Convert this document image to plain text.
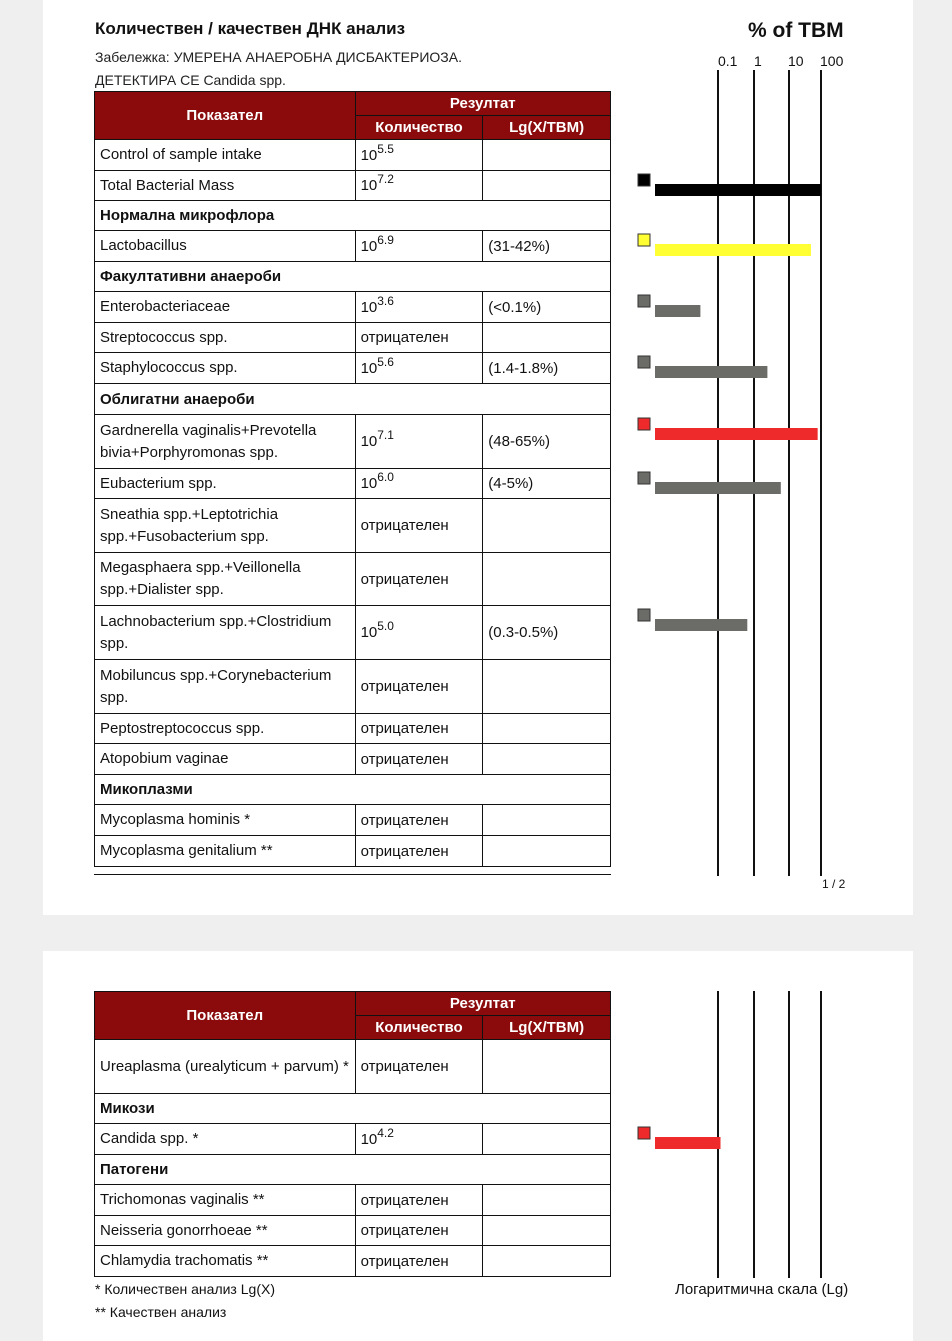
Количествен / качествен ДНК анализ
Забележка: УМЕРЕНА АНАЕРОБНА ДИСБАКТЕРИОЗА.
ДЕТЕКТИРА СЕ Candida spp.
% of TBM
0.1 1 10 100
Показател	Резултат	
	Количество	Lg(X/TBM)
Control of sample intake	$10^{5.5}$	
Total Bacterial Mass	$10^{7.2}$	
Нормална микрофлора		
Lactobacillus	$10^{6.9}$	(31-42%)
Факултативни анаероби		
Enterobacteriaceae	$10^{3.6}$	(<0.1%)
Streptococcus spp.	отрицателен	
Staphylococcus spp.	$10^{5.6}$	(1.4-1.8%)
Облигатни анаероби		
Gardnerella vaginalis+Prevotella bivia+Porphyromonas spp.	$10^{7.1}$	(48-65%)
Eubacterium spp.	$10^{6.0}$	(4-5%)
Sneathia spp.+Leptotrichia spp.+Fusobacterium spp.	отрицателен	
Megasphaera spp.+Veillonella spp.+Dialister spp.	отрицателен	
Lachnobacterium spp.+Clostridium spp.	$10^{5.0}$	(0.3-0.5%)
Mobiluncus spp.+Corynebacterium spp.	отрицателен	
Peptostreptococcus spp.	отрицателен	
Atopobium vaginae	отрицателен	
Микоплазми		
Mycoplasma hominis *	отрицателен	
Mycoplasma genitalium **	отрицателен	
1 / 2
Показател	Резултат	
	Количество	Lg(X/TBM)
Ureaplasma (urealyticum + parvum) *	отрицателен	
Микози		
Candida spp. *	$10^{4.2}$	
Патогени		
Trichomonas vaginalis **	отрицателен	
Neisseria gonorrhoeae **	отрицателен	
Chlamydia trachomatis **	отрицателен	
* Количествен анализ Lg(X)
** Качествен анализ
Логаритмична скала (Lg)
